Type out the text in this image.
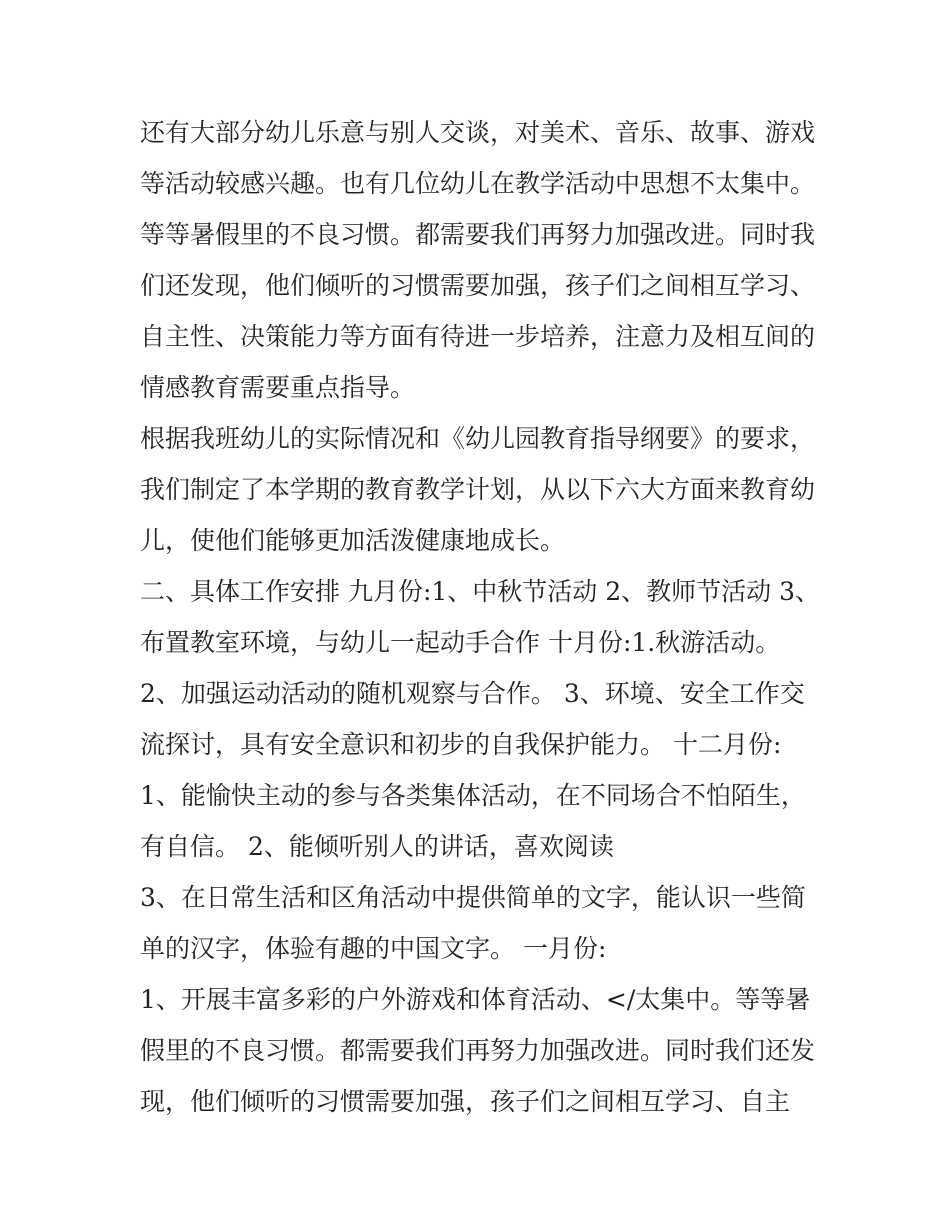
还有大部分幼儿乐意与别人交谈，对美术、音乐、故事、游戏
等活动较感兴趣。也有几位幼儿在教学活动中思想不太集中。
等等暑假里的不良习惯。都需要我们再努力加强改进。同时我
们还发现，他们倾听的习惯需要加强，孩子们之间相互学习、
自主性、决策能力等方面有待进一步培养，注意力及相互间的
情感教育需要重点指导。
根据我班幼儿的实际情况和《幼儿园教育指导纲要》的要求，
我们制定了本学期的教育教学计划，从以下六大方面来教育幼
儿，使他们能够更加活泼健康地成长。
二、具体工作安排 九月份:1、中秋节活动 2、教师节活动 3、
布置教室环境，与幼儿一起动手合作 十月份:1.秋游活动。
2、加强运动活动的随机观察与合作。 3、环境、安全工作交
流探讨，具有安全意识和初步的自我保护能力。 十二月份:
1、能愉快主动的参与各类集体活动，在不同场合不怕陌生，
有自信。 2、能倾听别人的讲话，喜欢阅读
3、在日常生活和区角活动中提供简单的文字，能认识一些简
单的汉字，体验有趣的中国文字。 一月份:
1、开展丰富多彩的户外游戏和体育活动、</太集中。等等暑
假里的不良习惯。都需要我们再努力加强改进。同时我们还发
现，他们倾听的习惯需要加强，孩子们之间相互学习、自主
